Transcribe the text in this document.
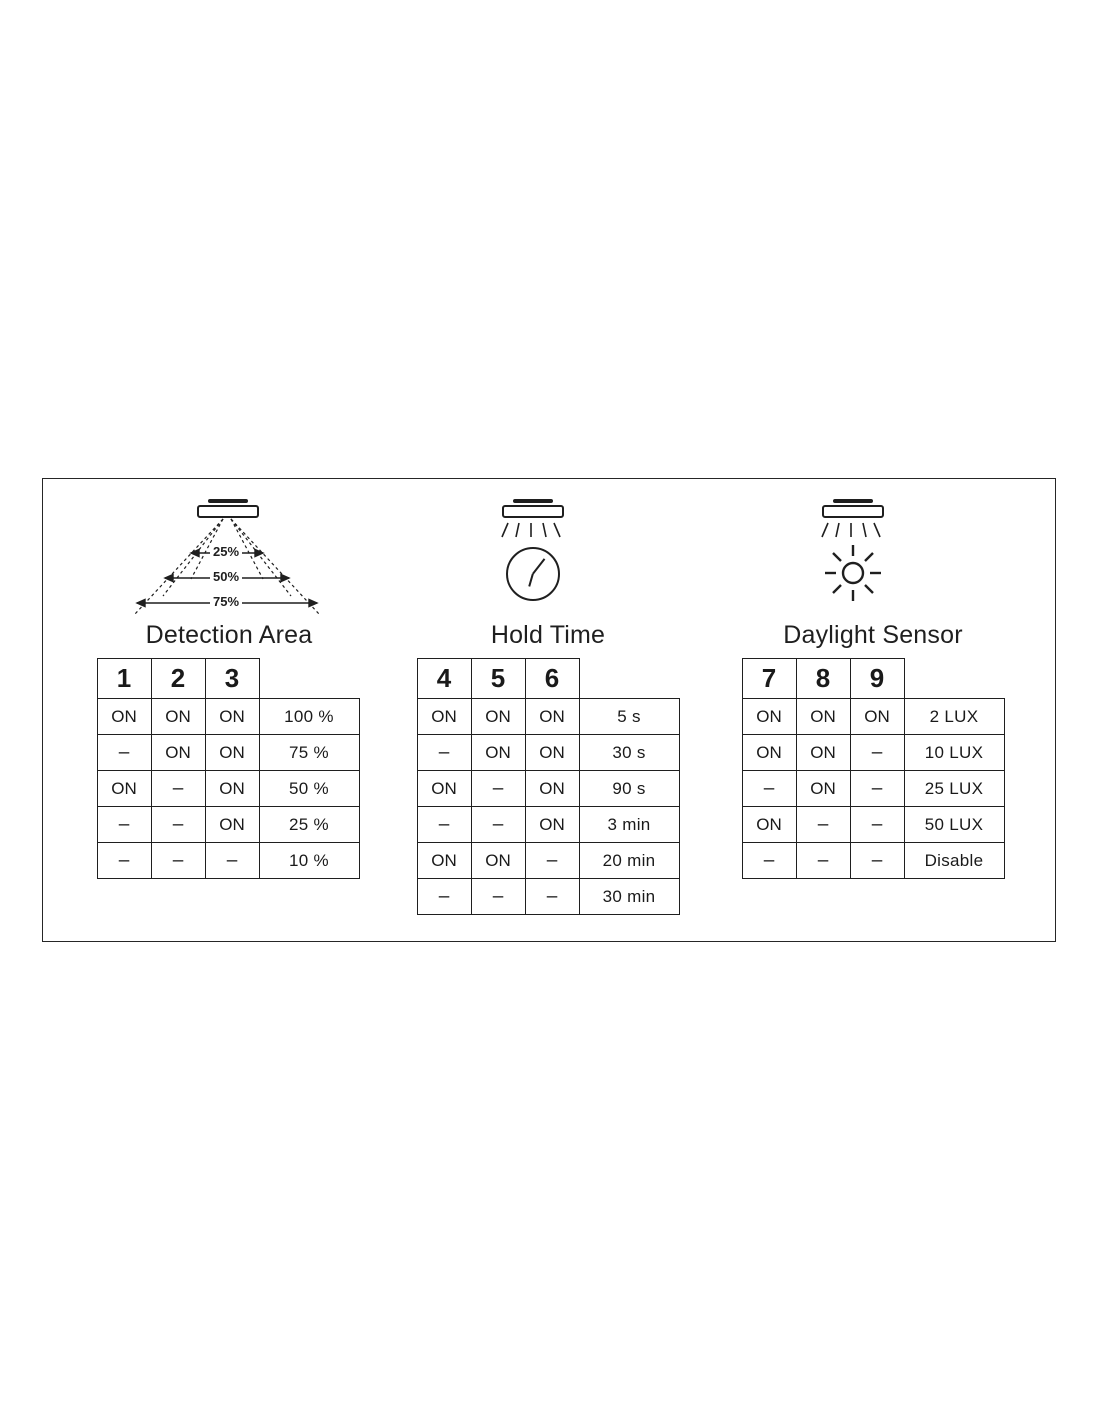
25%
50%
75%
Detection Area
1	2	3	
ON	ON	ON	100 %
–	ON	ON	75 %
ON	–	ON	50 %
–	–	ON	25 %
–	–	–	10 %
Hold Time
4	5	6	
ON	ON	ON	5 s
–	ON	ON	30 s
ON	–	ON	90 s
–	–	ON	3 min
ON	ON	–	20 min
–	–	–	30 min
Daylight Sensor
7	8	9	
ON	ON	ON	2 LUX
ON	ON	–	10 LUX
–	ON	–	25 LUX
ON	–	–	50 LUX
–	–	–	Disable
